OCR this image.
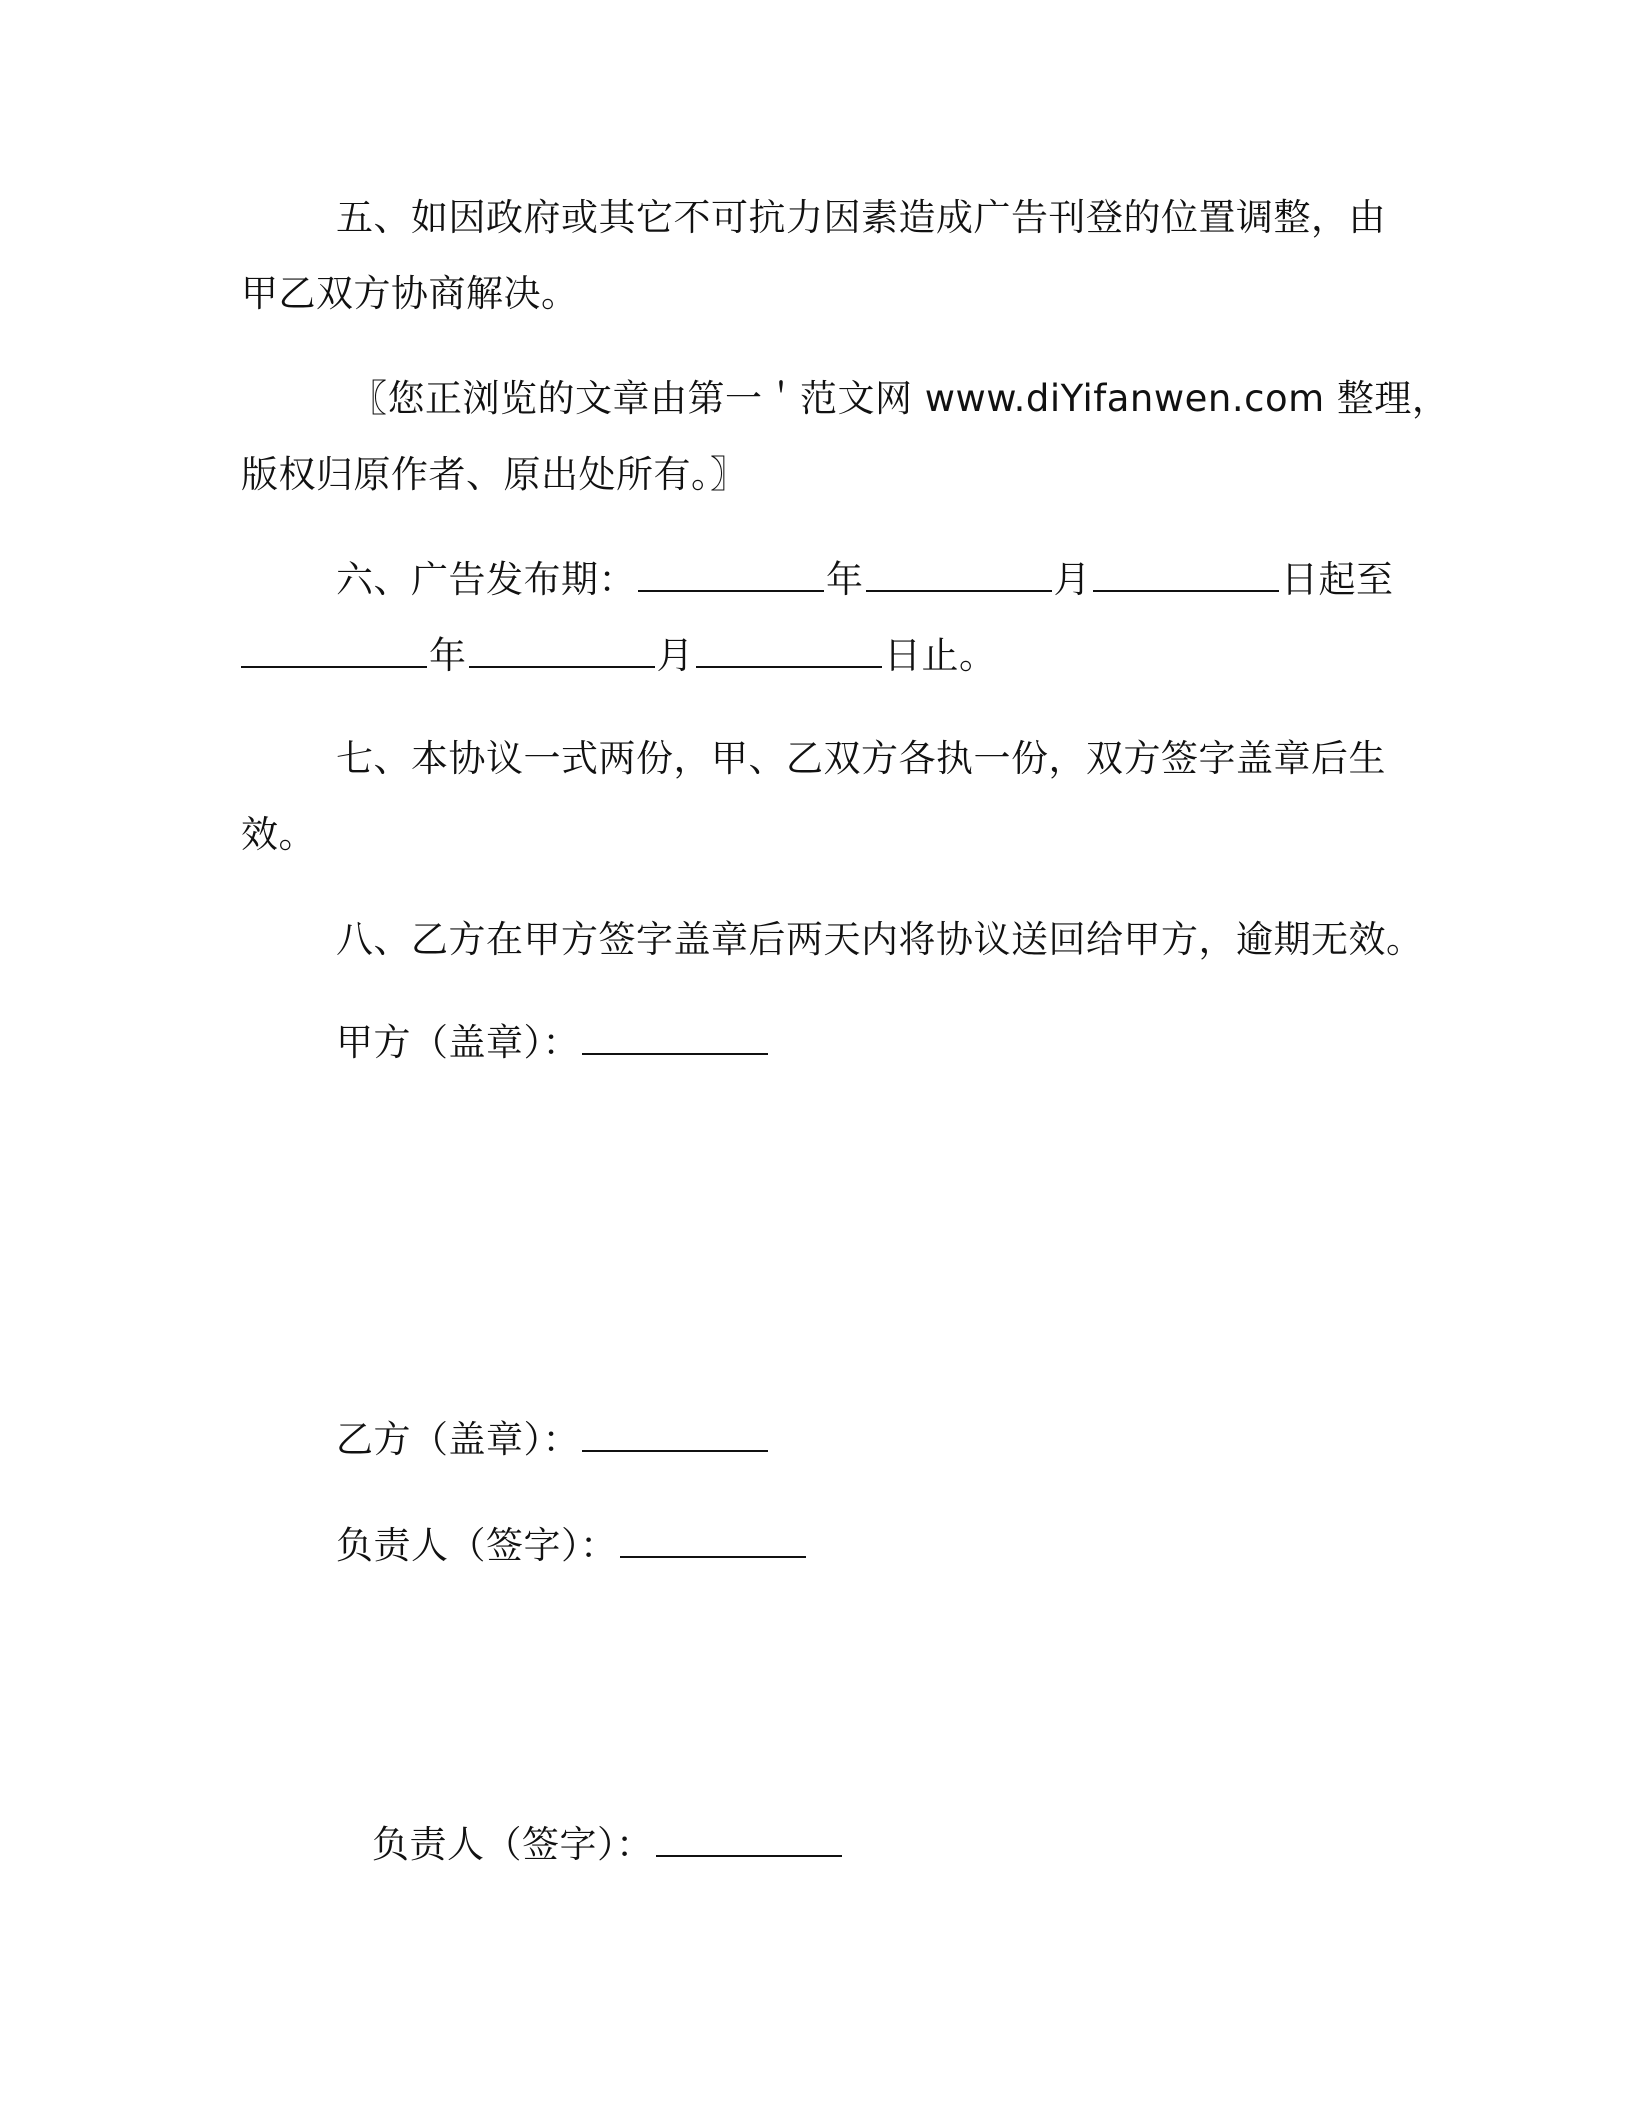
五、如因政府或其它不可抗力因素造成广告刊登的位置调整，由
甲乙双方协商解决。
〖您正浏览的文章由第一＇范文网 www.diYifanwen.com 整理，
版权归原作者、原出处所有。〗
六、广告发布期：	年	月	日起至
年	月	日止。
七、本协议一式两份，甲、乙双方各执一份，双方签字盖章后生
效。
八、乙方在甲方签字盖章后两天内将协议送回给甲方，逾期无效。
甲方（盖章）：
乙方（盖章）：
负责人（签字）：
负责人（签字）：
